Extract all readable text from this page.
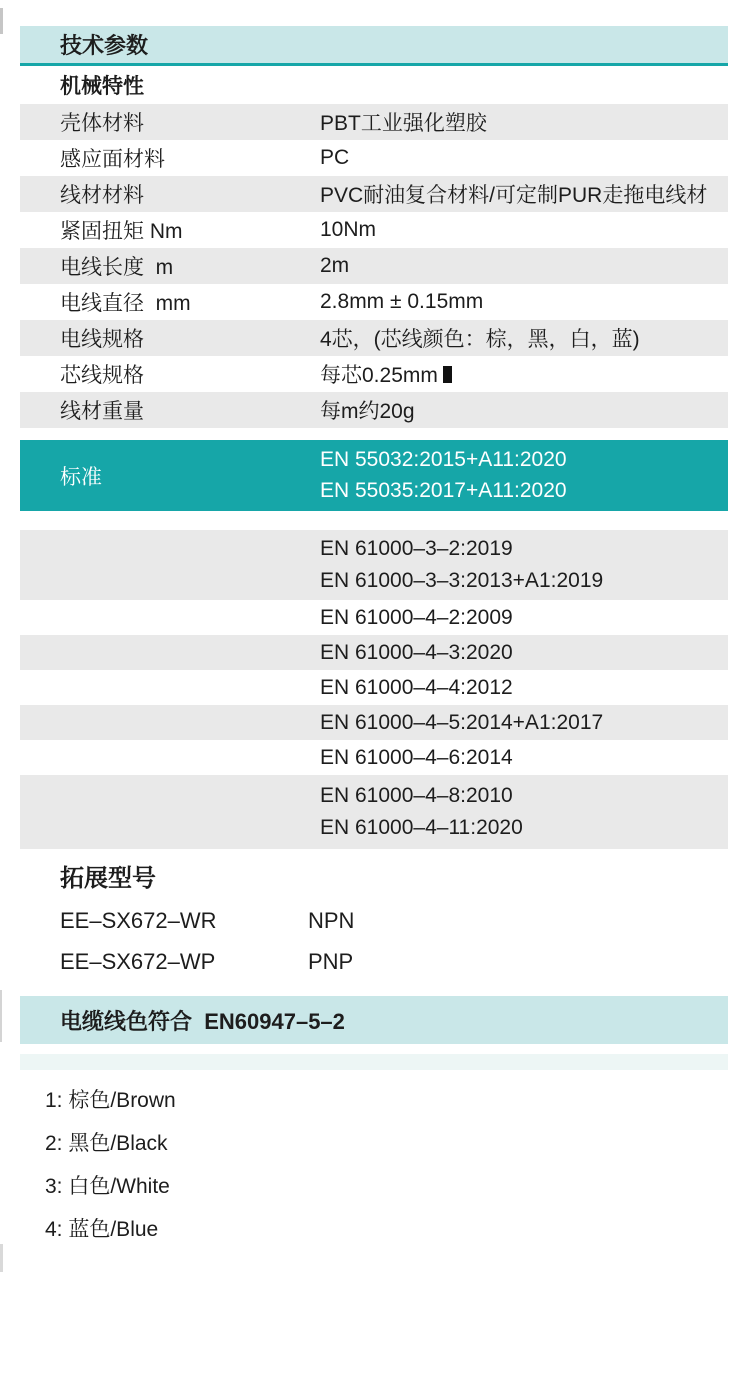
技术参数
机械特性
壳体材料	PBT工业强化塑胶
感应面材料	PC
线材材料	PVC耐油复合材料/可定制PUR走拖电线材
紧固扭矩 Nm	10Nm
电线长度  m	2m
电线直径  mm	2.8mm ± 0.15mm
电线规格	4芯，(芯线颜色：棕，黑，白，蓝)
芯线规格	每芯0.25mm
线材重量	每m约20g
标准
EN 55032:2015+A11:2020
EN 55035:2017+A11:2020
EN 61000–3–2:2019
EN 61000–3–3:2013+A1:2019
EN 61000–4–2:2009
EN 61000–4–3:2020
EN 61000–4–4:2012
EN 61000–4–5:2014+A1:2017
EN 61000–4–6:2014
EN 61000–4–8:2010
EN 61000–4–11:2020
拓展型号
EE–SX672–WR	NPN
EE–SX672–WP	PNP
电缆线色符合  EN60947–5–2
1: 棕色/Brown
2: 黑色/Black
3: 白色/White
4: 蓝色/Blue
